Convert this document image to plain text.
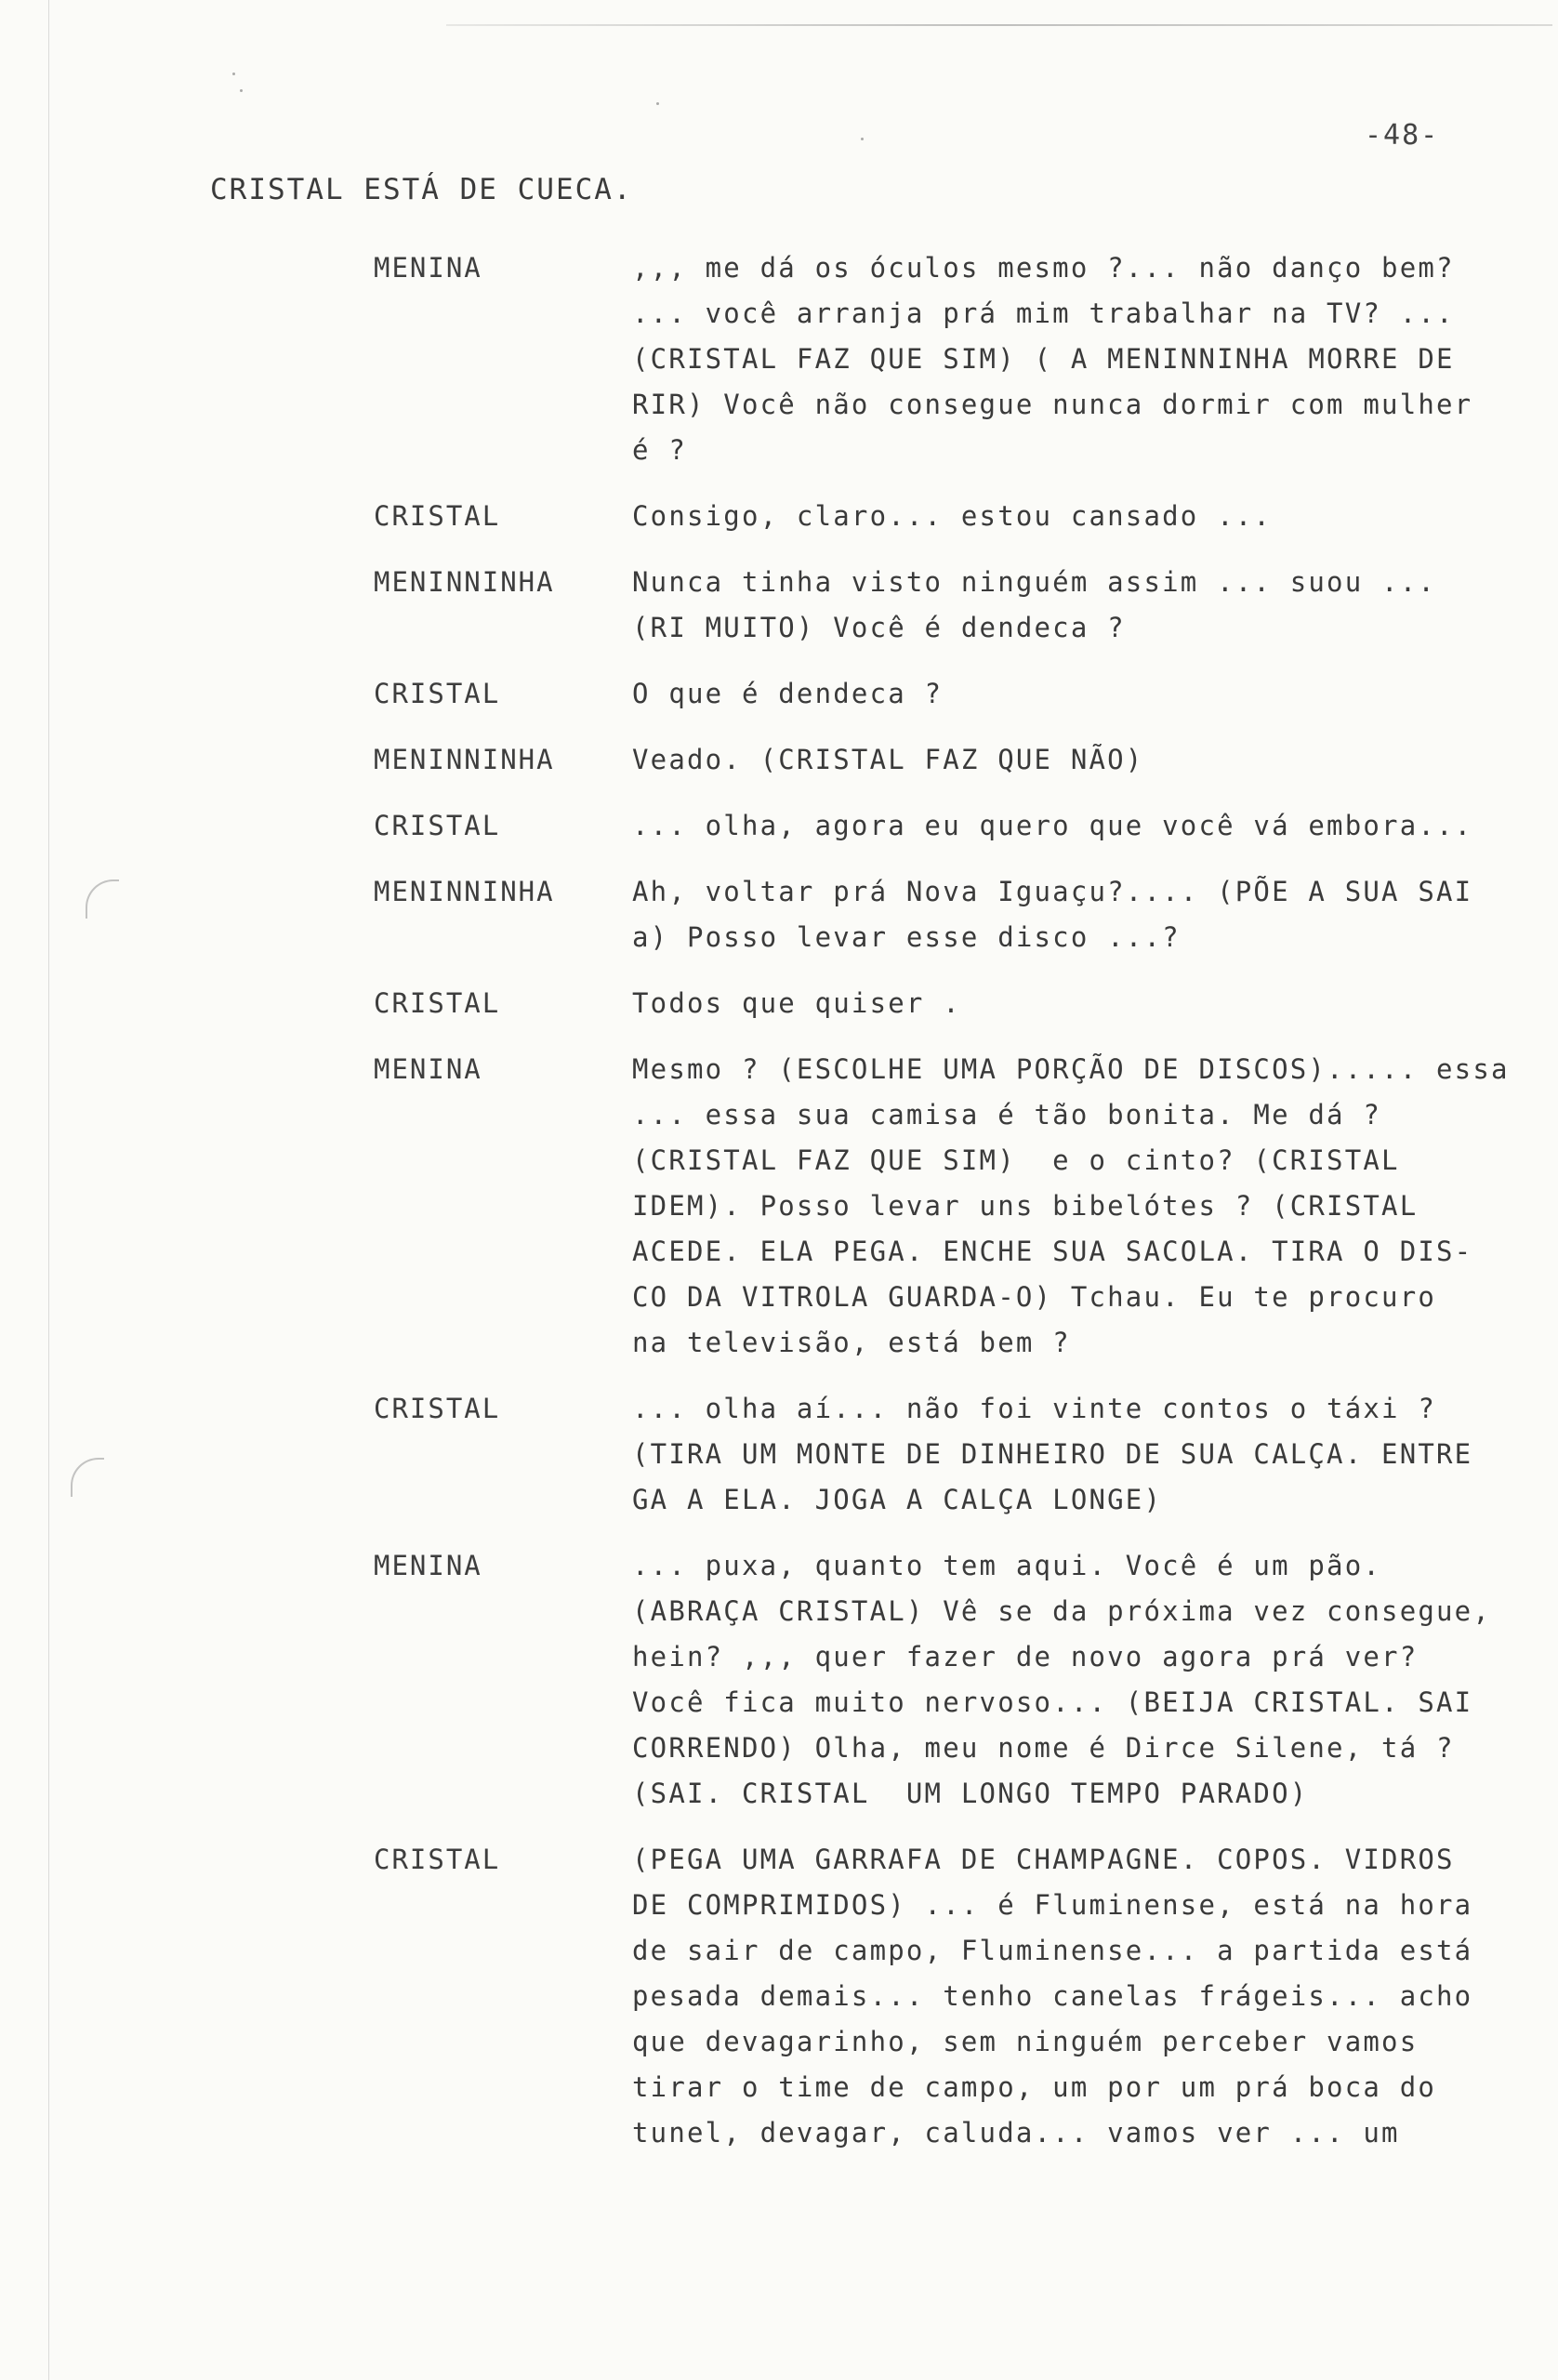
-48-
CRISTAL ESTÁ DE CUECA.
MENINA	,,, me dá os óculos mesmo ?... não danço bem?
... você arranja prá mim trabalhar na TV? ...
(CRISTAL FAZ QUE SIM) ( A MENINNINHA MORRE DE
RIR) Você não consegue nunca dormir com mulher
é ?
CRISTAL	Consigo, claro... estou cansado ...
MENINNINHA	Nunca tinha visto ninguém assim ... suou ...
(RI MUITO) Você é dendeca ?
CRISTAL	O que é dendeca ?
MENINNINHA	Veado. (CRISTAL FAZ QUE NÃO)
CRISTAL	... olha, agora eu quero que você vá embora...
MENINNINHA	Ah, voltar prá Nova Iguaçu?.... (PÕE A SUA SAI
a) Posso levar esse disco ...?
CRISTAL	Todos que quiser .
MENINA	Mesmo ? (ESCOLHE UMA PORÇÃO DE DISCOS)..... essa
... essa sua camisa é tão bonita. Me dá ?
(CRISTAL FAZ QUE SIM)  e o cinto? (CRISTAL
IDEM). Posso levar uns bibelótes ? (CRISTAL
ACEDE. ELA PEGA. ENCHE SUA SACOLA. TIRA O DIS-
CO DA VITROLA GUARDA-O) Tchau. Eu te procuro
na televisão, está bem ?
CRISTAL	... olha aí... não foi vinte contos o táxi ?
(TIRA UM MONTE DE DINHEIRO DE SUA CALÇA. ENTRE
GA A ELA. JOGA A CALÇA LONGE)
MENINA	... puxa, quanto tem aqui. Você é um pão.
(ABRAÇA CRISTAL) Vê se da próxima vez consegue,
hein? ,,, quer fazer de novo agora prá ver?
Você fica muito nervoso... (BEIJA CRISTAL. SAI
CORRENDO) Olha, meu nome é Dirce Silene, tá ?
(SAI. CRISTAL  UM LONGO TEMPO PARADO)
CRISTAL	(PEGA UMA GARRAFA DE CHAMPAGNE. COPOS. VIDROS
DE COMPRIMIDOS) ... é Fluminense, está na hora
de sair de campo, Fluminense... a partida está
pesada demais... tenho canelas frágeis... acho
que devagarinho, sem ninguém perceber vamos
tirar o time de campo, um por um prá boca do
tunel, devagar, caluda... vamos ver ... um
